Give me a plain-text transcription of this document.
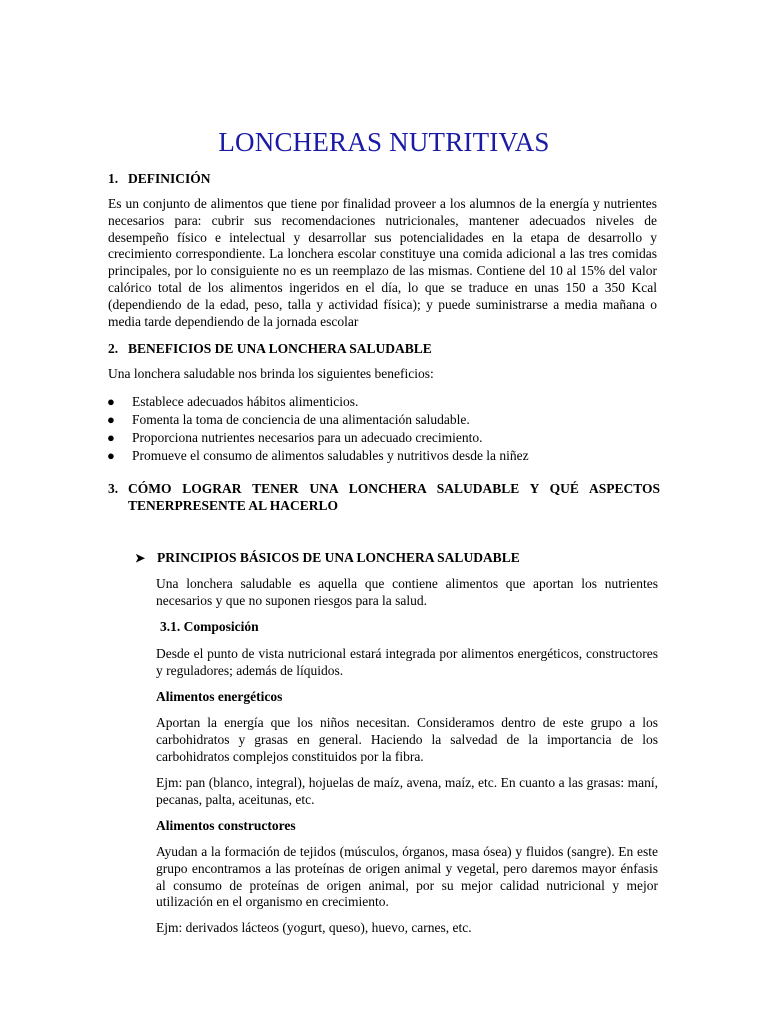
LONCHERAS NUTRITIVAS
1. DEFINICIÓN

Es un conjunto de alimentos que tiene por finalidad proveer a los alumnos de la energía y nutrientes necesarios para: cubrir sus recomendaciones nutricionales, mantener adecuados niveles de desempeño físico e intelectual y desarrollar sus potencialidades en la etapa de desarrollo y crecimiento correspondiente. La lonchera escolar constituye una comida adicional a las tres comidas principales, por lo consiguiente no es un reemplazo de las mismas. Contiene del 10 al 15% del valor calórico total de los alimentos ingeridos en el día, lo que se traduce en unas 150 a 350 Kcal (dependiendo de la edad, peso, talla y actividad física); y puede suministrarse a media mañana o media tarde dependiendo de la jornada escolar

2. BENEFICIOS DE UNA LONCHERA SALUDABLE

Una lonchera saludable nos brinda los siguientes beneficios:

● Establece adecuados hábitos alimenticios.
● Fomenta la toma de conciencia de una alimentación saludable.
● Proporciona nutrientes necesarios para un adecuado crecimiento.
● Promueve el consumo de alimentos saludables y nutritivos desde la niñez
3. CÓMO LOGRAR TENER UNA LONCHERA SALUDABLE Y QUÉ ASPECTOS TENERPRESENTE AL HACERLO
➤ PRINCIPIOS BÁSICOS DE UNA LONCHERA SALUDABLE

Una lonchera saludable es aquella que contiene alimentos que aportan los nutrientes necesarios y que no suponen riesgos para la salud.

3.1. Composición

Desde el punto de vista nutricional estará integrada por alimentos energéticos, constructores y reguladores; además de líquidos.

Alimentos energéticos

Aportan la energía que los niños necesitan. Consideramos dentro de este grupo a los carbohidratos y grasas en general. Haciendo la salvedad de la importancia de los carbohidratos complejos constituidos por la fibra.

Ejm: pan (blanco, integral), hojuelas de maíz, avena, maíz, etc. En cuanto a las grasas: maní, pecanas, palta, aceitunas, etc.

Alimentos constructores

Ayudan a la formación de tejidos (músculos, órganos, masa ósea) y fluidos (sangre). En este grupo encontramos a las proteínas de origen animal y vegetal, pero daremos mayor énfasis al consumo de proteínas de origen animal, por su mejor calidad nutricional y mejor utilización en el organismo en crecimiento.

Ejm: derivados lácteos (yogurt, queso), huevo, carnes, etc.
